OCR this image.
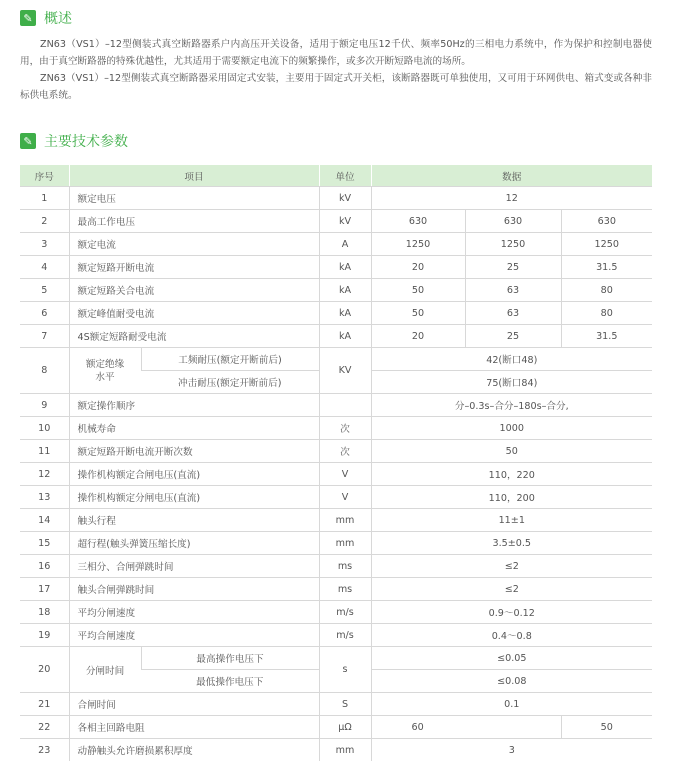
✎ 概述
ZN63（VS1）–12型侧装式真空断路器系户内高压开关设备，适用于额定电压12千伏、频率50Hz的三相电力系统中，作为保护和控制电器使用，由于真空断路器的特殊优越性，尤其适用于需要额定电流下的频繁操作，或多次开断短路电流的场所。
ZN63（VS1）–12型侧装式真空断路器采用固定式安装，主要用于固定式开关柜，该断路器既可单独使用，又可用于环网供电、箱式变或各种非标供电系统。
✎ 主要技术参数
序号	项目		单位	数据		
1	额定电压		kV	12		
2	最高工作电压		kV	630	630	630
3	额定电流		A	1250	1250	1250
4	额定短路开断电流		kA	20	25	31.5
5	额定短路关合电流		kA	50	63	80
6	额定峰值耐受电流		kA	50	63	80
7	4S额定短路耐受电流		kA	20	25	31.5
8	额定绝缘水平	工频耐压(额定开断前后)	KV	42(断口48)		
		冲击耐压(额定开断前后)		75(断口84)		
9	额定操作顺序			分–0.3s–合分–180s–合分,		
10	机械寿命		次	1000		
11	额定短路开断电流开断次数		次	50		
12	操作机构额定合闸电压(直流)		V	110，220		
13	操作机构额定分闸电压(直流)		V	110，200		
14	触头行程		mm	11±1		
15	超行程(触头弹簧压缩长度)		mm	3.5±0.5		
16	三相分、合闸弹跳时间		ms	≤2		
17	触头合闸弹跳时间		ms	≤2		
18	平均分闸速度		m/s	0.9～0.12		
19	平均合闸速度		m/s	0.4～0.8		
20	分闸时间	最高操作电压下	s	≤0.05		
		最低操作电压下		≤0.08		
21	合闸时间		S	0.1		
22	各相主回路电阻		μΩ	60		50
23	动静触头允许磨损累积厚度		mm	3		
